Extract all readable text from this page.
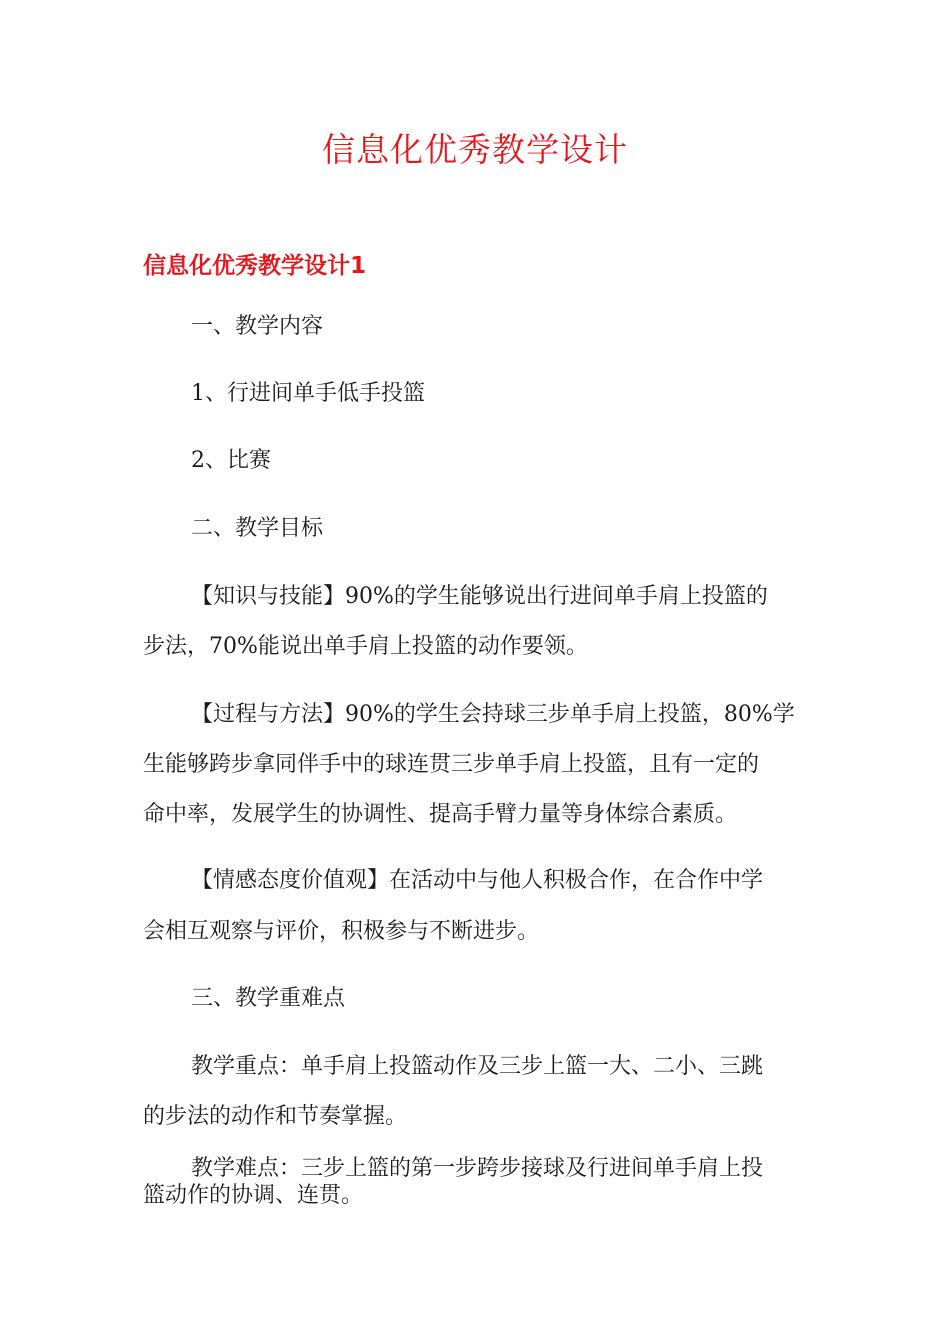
信息化优秀教学设计
信息化优秀教学设计1
一、教学内容
1、行进间单手低手投篮
2、比赛
二、教学目标
【知识与技能】90%的学生能够说出行进间单手肩上投篮的
步法，70%能说出单手肩上投篮的动作要领。
【过程与方法】90%的学生会持球三步单手肩上投篮，80%学
生能够跨步拿同伴手中的球连贯三步单手肩上投篮，且有一定的
命中率，发展学生的协调性、提高手臂力量等身体综合素质。
【情感态度价值观】在活动中与他人积极合作，在合作中学
会相互观察与评价，积极参与不断进步。
三、教学重难点
教学重点：单手肩上投篮动作及三步上篮一大、二小、三跳
的步法的动作和节奏掌握。
教学难点：三步上篮的第一步跨步接球及行进间单手肩上投
篮动作的协调、连贯。
